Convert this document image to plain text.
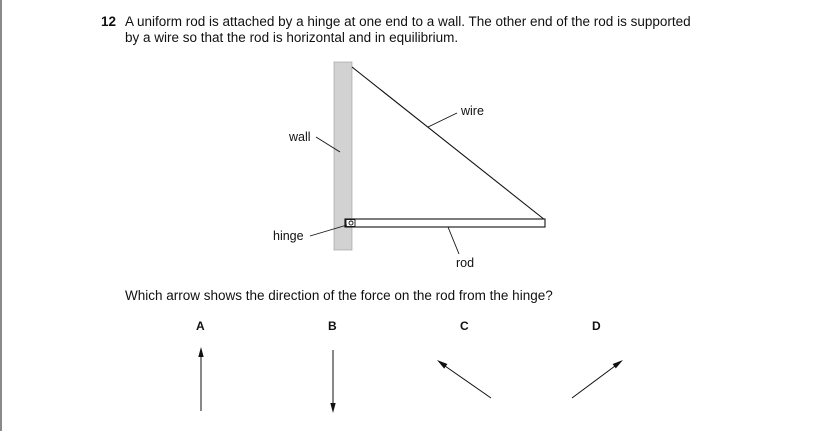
12 A uniform rod is attached by a hinge at one end to a wall. The other end of the rod is supported
by a wire so that the rod is horizontal and in equilibrium.
wire
wall
hinge
rod
Which arrow shows the direction of the force on the rod from the hinge?
A	B	C	D
